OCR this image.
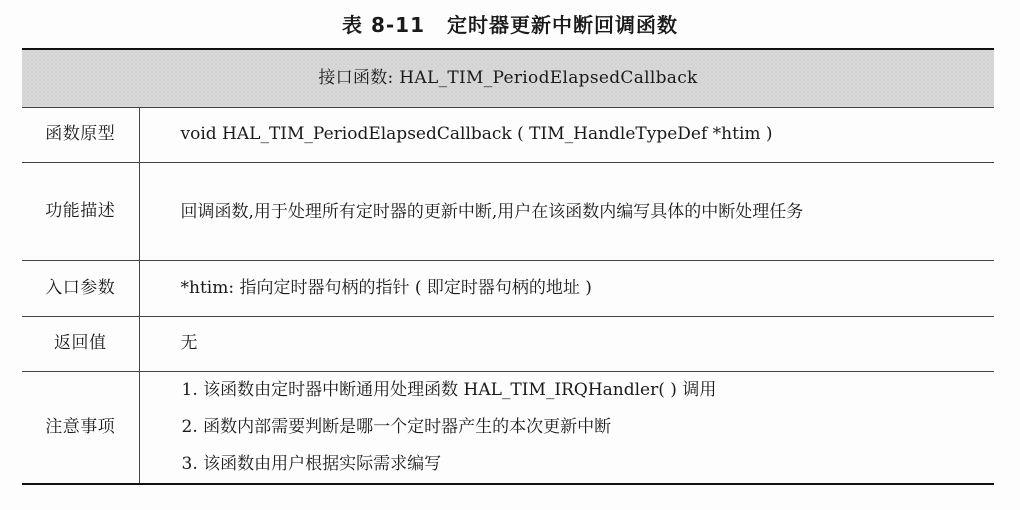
表 8-11 定时器更新中断回调函数
接口函数: HAL_TIM_PeriodElapsedCallback	
函数原型	void HAL_TIM_PeriodElapsedCallback ( TIM_HandleTypeDef *htim )
功能描述	回调函数,用于处理所有定时器的更新中断,用户在该函数内编写具体的中断处理任务
入口参数	*htim: 指向定时器句柄的指针 ( 即定时器句柄的地址 )
返回值	无
注意事项	1. 该函数由定时器中断通用处理函数 HAL_TIM_IRQHandler( ) 调用
2. 函数内部需要判断是哪一个定时器产生的本次更新中断
3. 该函数由用户根据实际需求编写
